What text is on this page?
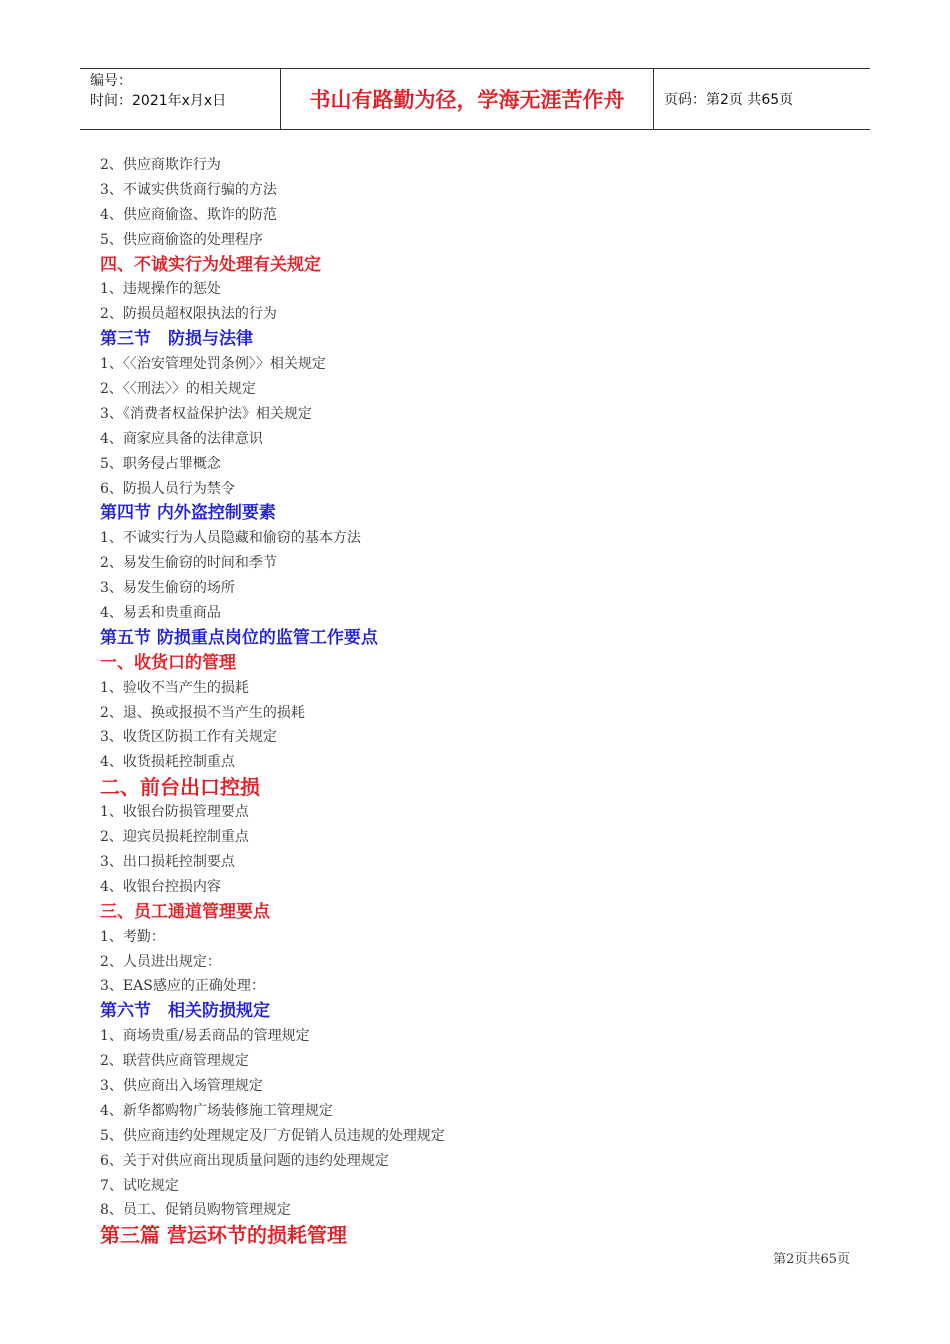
编号：
时间：2021年x月x日	书山有路勤为径，学海无涯苦作舟	页码：第2页 共65页
2、供应商欺诈行为
3、不诚实供货商行骗的方法
4、供应商偷盗、欺诈的防范
5、供应商偷盗的处理程序
四、不诚实行为处理有关规定
1、违规操作的惩处
2、防损员超权限执法的行为
第三节　防损与法律
1、〈〈治安管理处罚条例〉〉相关规定
2、〈〈刑法〉〉的相关规定
3、《消费者权益保护法》相关规定
4、商家应具备的法律意识
5、职务侵占罪概念
6、防损人员行为禁令
第四节 内外盗控制要素
1、不诚实行为人员隐藏和偷窃的基本方法
2、易发生偷窃的时间和季节
3、易发生偷窃的场所
4、易丢和贵重商品
第五节 防损重点岗位的监管工作要点
一、收货口的管理
1、验收不当产生的损耗
2、退、换或报损不当产生的损耗
3、收货区防损工作有关规定
4、收货损耗控制重点
二、前台出口控损
1、收银台防损管理要点
2、迎宾员损耗控制重点
3、出口损耗控制要点
4、收银台控损内容
三、员工通道管理要点
1、考勤：
2、人员进出规定：
3、EAS感应的正确处理：
第六节　相关防损规定
1、商场贵重/易丢商品的管理规定
2、联营供应商管理规定
3、供应商出入场管理规定
4、新华都购物广场装修施工管理规定
5、供应商违约处理规定及厂方促销人员违规的处理规定
6、关于对供应商出现质量问题的违约处理规定
7、试吃规定
8、员工、促销员购物管理规定
第三篇 营运环节的损耗管理
第2页共65页
